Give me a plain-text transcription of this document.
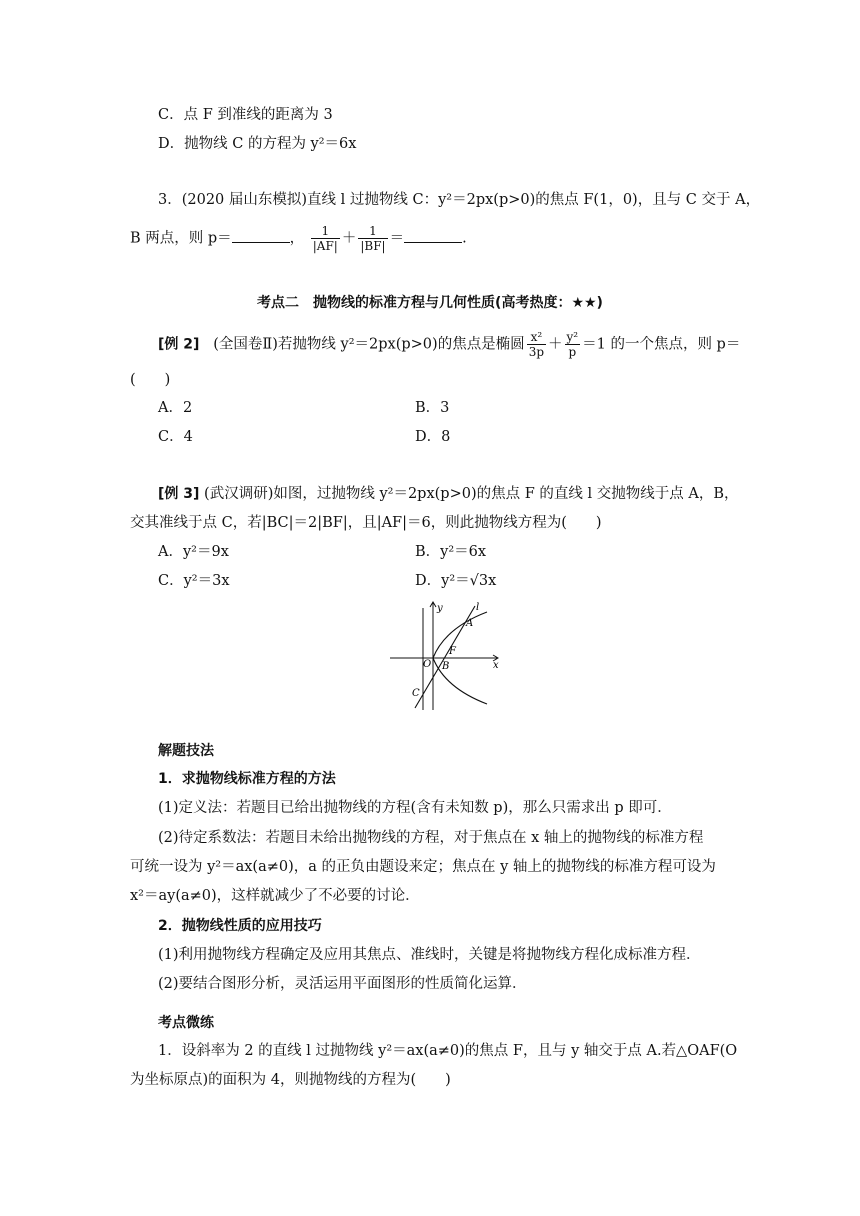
C．点 F 到准线的距离为 3
D．抛物线 C 的方程为 y²＝6x
3．(2020 届山东模拟)直线 l 过抛物线 C：y²＝2px(p>0)的焦点 F(1，0)，且与 C 交于 A，
B 两点，则 p＝	， $\frac{1}{|AF|} + \frac{1}{|BF|}$ ＝	.
考点二　抛物线的标准方程与几何性质(高考热度：★★)
[例 2] (全国卷Ⅱ)若抛物线 y²＝2px(p>0)的焦点是椭圆 $\frac{\text{x²}}{3p} + \frac{\text{y²}}{p} =1$ 的一个焦点，则 p＝
(　　)
A．2	B．3
C．4	D．8
[例 3] (武汉调研)如图，过抛物线 y²＝2px(p>0)的焦点 F 的直线 l 交抛物线于点 A，B，
交其准线于点 C，若|BC|＝2|BF|，且|AF|＝6，则此抛物线方程为(　　)
A．y²＝9x	B．y²＝6x
C．y²＝3x	D．y²＝√3x
y	l
A
F
O B	x
C
解题技法
1．求抛物线标准方程的方法
(1)定义法：若题目已给出抛物线的方程(含有未知数 p)，那么只需求出 p 即可．
(2)待定系数法：若题目未给出抛物线的方程，对于焦点在 x 轴上的抛物线的标准方程
可统一设为 y²＝ax(a≠0)，a 的正负由题设来定；焦点在 y 轴上的抛物线的标准方程可设为
x²＝ay(a≠0)，这样就减少了不必要的讨论．
2．抛物线性质的应用技巧
(1)利用抛物线方程确定及应用其焦点、准线时，关键是将抛物线方程化成标准方程．
(2)要结合图形分析，灵活运用平面图形的性质简化运算．
考点微练
1．设斜率为 2 的直线 l 过抛物线 y²＝ax(a≠0)的焦点 F，且与 y 轴交于点 A.若△OAF(O
为坐标原点)的面积为 4，则抛物线的方程为(　　)
